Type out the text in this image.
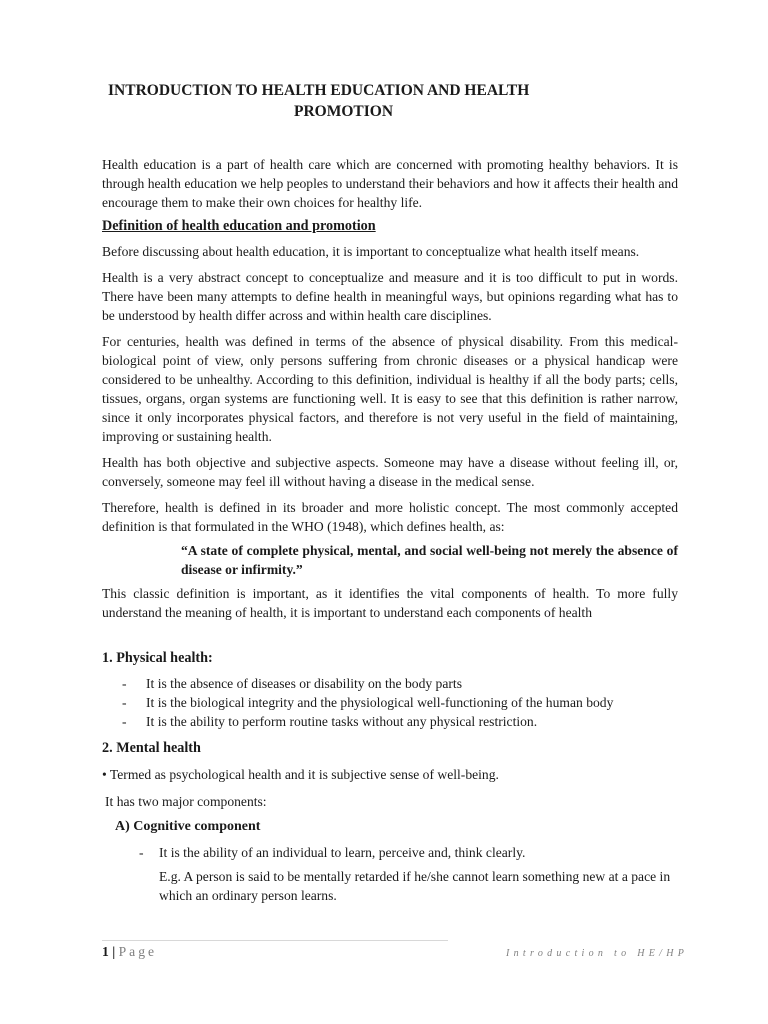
INTRODUCTION TO HEALTH EDUCATION AND HEALTH
PROMOTION

Health education is a part of health care which are concerned with promoting healthy behaviors. It is through health education we help peoples to understand their behaviors and how it affects their health and encourage them to make their own choices for healthy life.

Definition of health education and promotion

Before discussing about health education, it is important to conceptualize what health itself means.

Health is a very abstract concept to conceptualize and measure and it is too difficult to put in words. There have been many attempts to define health in meaningful ways, but opinions regarding what has to be understood by health differ across and within health care disciplines.

For centuries, health was defined in terms of the absence of physical disability. From this medical-biological point of view, only persons suffering from chronic diseases or a physical handicap were considered to be unhealthy. According to this definition, individual is healthy if all the body parts; cells, tissues, organs, organ systems are functioning well. It is easy to see that this definition is rather narrow, since it only incorporates physical factors, and therefore is not very useful in the field of maintaining, improving or sustaining health.

Health has both objective and subjective aspects. Someone may have a disease without feeling ill, or, conversely, someone may feel ill without having a disease in the medical sense.

Therefore, health is defined in its broader and more holistic concept. The most commonly accepted definition is that formulated in the WHO (1948), which defines health, as:

“A state of complete physical, mental, and social well-being not merely the absence of disease or infirmity.”

This classic definition is important, as it identifies the vital components of health. To more fully understand the meaning of health, it is important to understand each components of health

1. Physical health:
- It is the absence of diseases or disability on the body parts
- It is the biological integrity and the physiological well-functioning of the human body
- It is the ability to perform routine tasks without any physical restriction.
2. Mental health

• Termed as psychological health and it is subjective sense of well-being.

It has two major components:

A) Cognitive component
- It is the ability of an individual to learn, perceive and, think clearly.

E.g. A person is said to be mentally retarded if he/she cannot learn something new at a pace in which an ordinary person learns.

1 | Page	Introduction to HE/HP
